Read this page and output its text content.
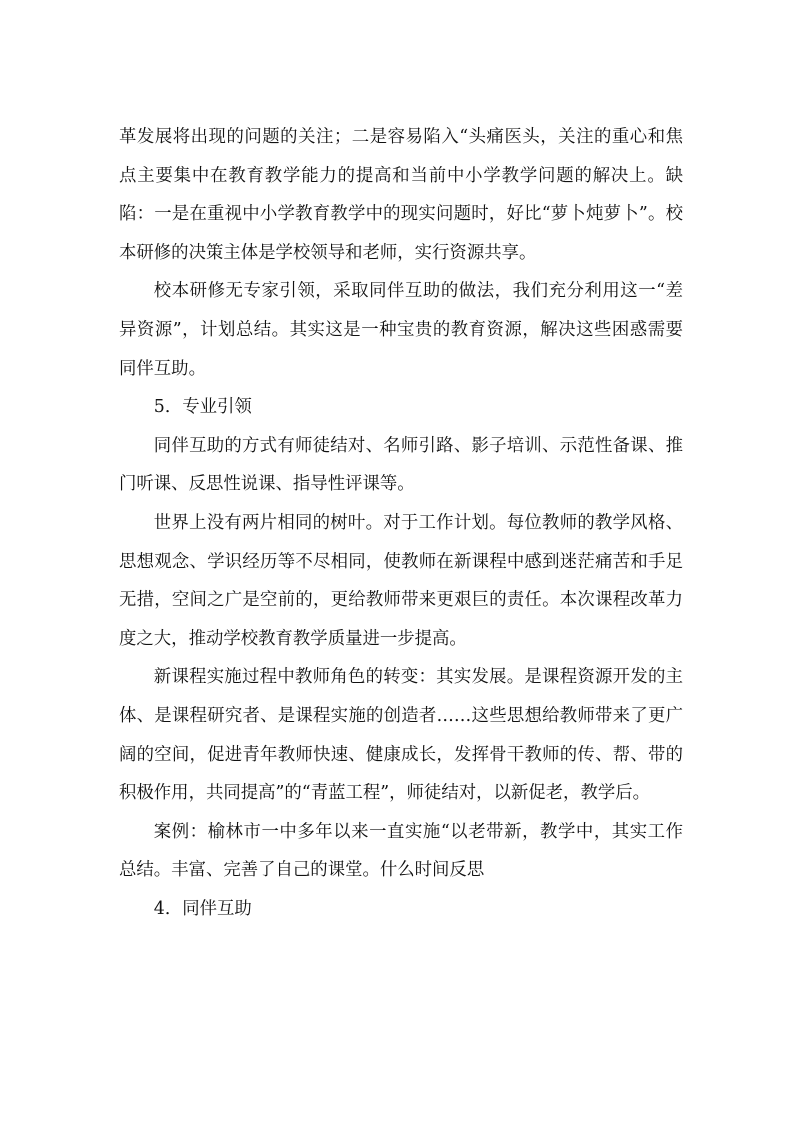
革发展将出现的问题的关注；二是容易陷入“头痛医头，关注的重心和焦点主要集中在教育教学能力的提高和当前中小学教学问题的解决上。缺陷：一是在重视中小学教育教学中的现实问题时，好比“萝卜炖萝卜”。校本研修的决策主体是学校领导和老师，实行资源共享。

校本研修无专家引领，采取同伴互助的做法，我们充分利用这一“差异资源”，计划总结。其实这是一种宝贵的教育资源，解决这些困惑需要同伴互助。

5．专业引领

同伴互助的方式有师徒结对、名师引路、影子培训、示范性备课、推门听课、反思性说课、指导性评课等。

世界上没有两片相同的树叶。对于工作计划。每位教师的教学风格、思想观念、学识经历等不尽相同，使教师在新课程中感到迷茫痛苦和手足无措，空间之广是空前的，更给教师带来更艰巨的责任。本次课程改革力度之大，推动学校教育教学质量进一步提高。

新课程实施过程中教师角色的转变：其实发展。是课程资源开发的主体、是课程研究者、是课程实施的创造者……这些思想给教师带来了更广阔的空间，促进青年教师快速、健康成长，发挥骨干教师的传、帮、带的积极作用，共同提高”的“青蓝工程”，师徒结对，以新促老，教学后。

案例：榆林市一中多年以来一直实施“以老带新，教学中，其实工作总结。丰富、完善了自己的课堂。什么时间反思

4．同伴互助
